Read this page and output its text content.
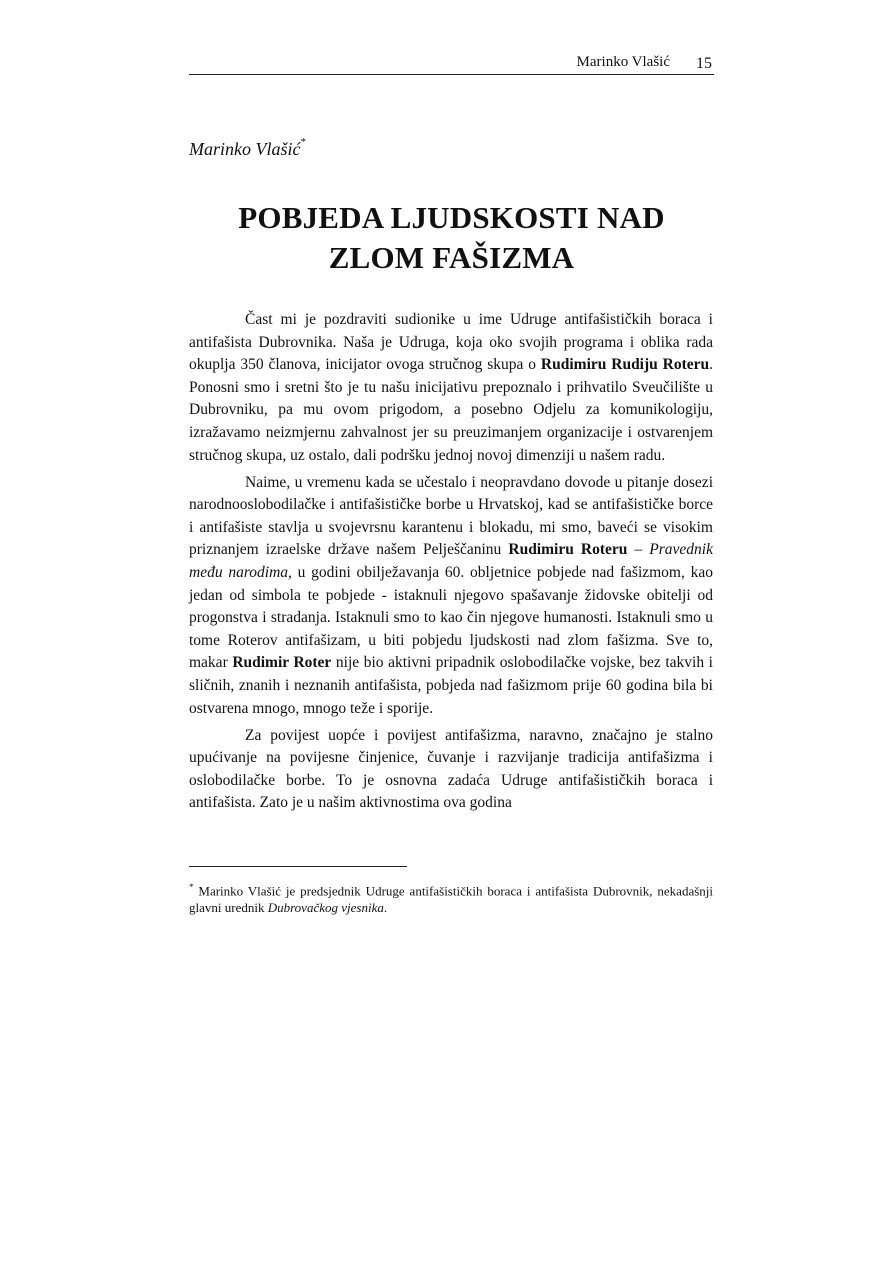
Marinko Vlašić 15
Marinko Vlašić*
POBJEDA LJUDSKOSTI NAD
ZLOM FAŠIZMA

Čast mi je pozdraviti sudionike u ime Udruge antifašističkih boraca i antifašista Dubrovnika. Naša je Udruga, koja oko svojih programa i oblika rada okuplja 350 članova, inicijator ovoga stručnog skupa o Rudimiru Rudiju Roteru. Ponosni smo i sretni što je tu našu inicijativu prepoznalo i prihvatilo Sveučilište u Dubrovniku, pa mu ovom prigodom, a posebno Odjelu za komunikologiju, izražavamo neizmjernu zahvalnost jer su preuzimanjem organizacije i ostvarenjem stručnog skupa, uz ostalo, dali podršku jednoj novoj dimenziji u našem radu.

Naime, u vremenu kada se učestalo i neopravdano dovode u pitanje dosezi narodnooslobodilačke i antifašističke borbe u Hrvatskoj, kad se antifašističke borce i antifašiste stavlja u svojevrsnu karantenu i blokadu, mi smo, baveći se visokim priznanjem izraelske države našem Pelješčaninu Rudimiru Roteru – Pravednik među narodima, u godini obilježavanja 60. obljetnice pobjede nad fašizmom, kao jedan od simbola te pobjede - istaknuli njegovo spašavanje židovske obitelji od progonstva i stradanja. Istaknuli smo to kao čin njegove humanosti. Istaknuli smo u tome Roterov antifašizam, u biti pobjedu ljudskosti nad zlom fašizma. Sve to, makar Rudimir Roter nije bio aktivni pripadnik oslobodilačke vojske, bez takvih i sličnih, znanih i neznanih antifašista, pobjeda nad fašizmom prije 60 godina bila bi ostvarena mnogo, mnogo teže i sporije.

Za povijest uopće i povijest antifašizma, naravno, značajno je stalno upućivanje na povijesne činjenice, čuvanje i razvijanje tradicija antifašizma i oslobodilačke borbe. To je osnovna zadaća Udruge antifašističkih boraca i antifašista. Zato je u našim aktivnostima ova godina

* Marinko Vlašić je predsjednik Udruge antifašističkih boraca i antifašista Dubrovnik, nekadašnji glavni urednik Dubrovačkog vjesnika.
